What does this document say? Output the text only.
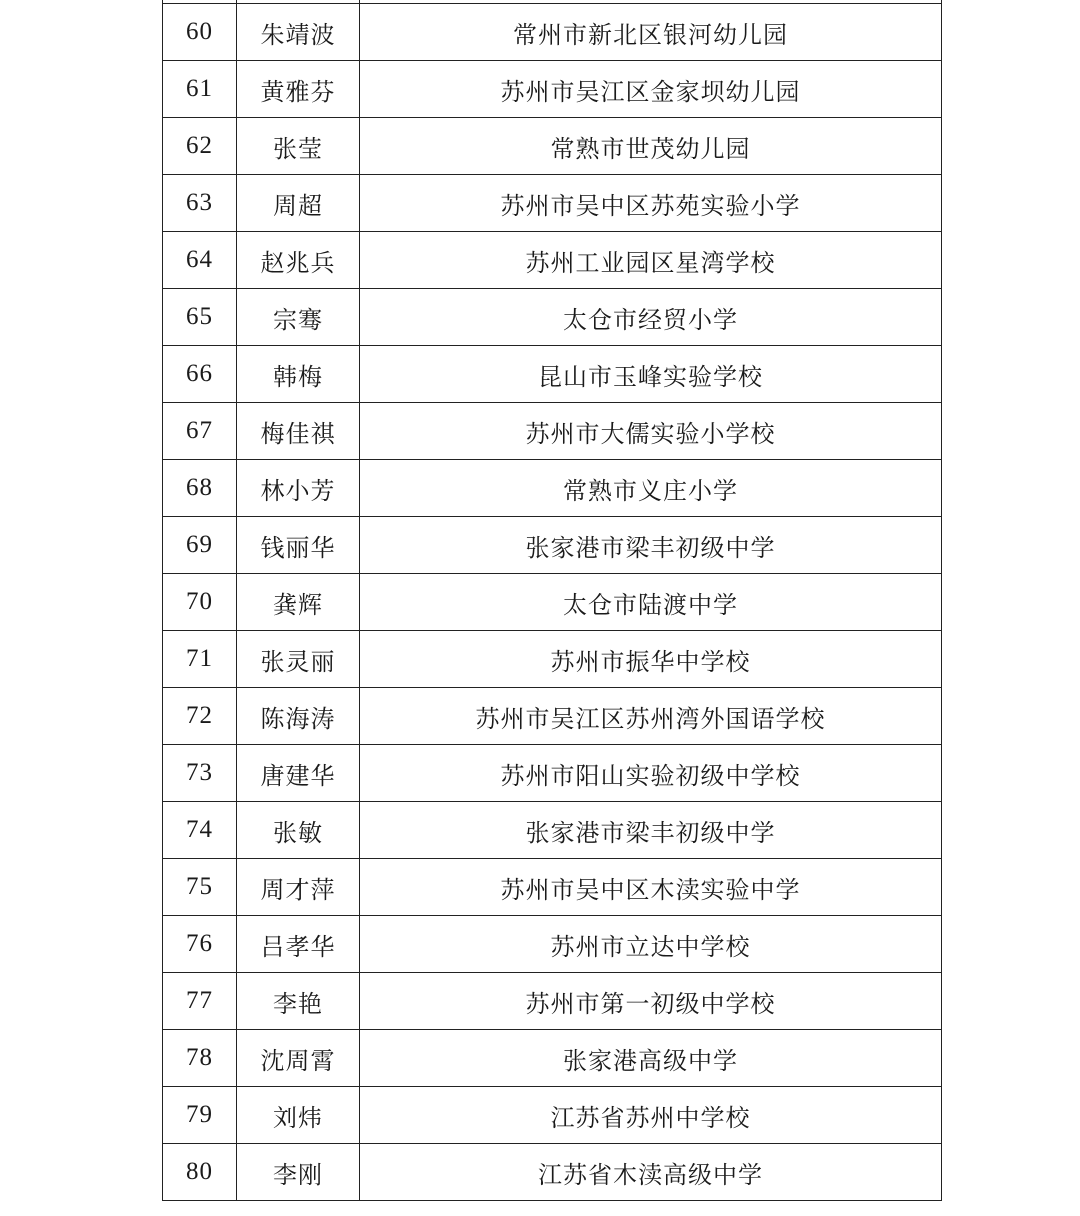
60	朱靖波	常州市新北区银河幼儿园
61	黄雅芬	苏州市吴江区金家坝幼儿园
62	张莹	常熟市世茂幼儿园
63	周超	苏州市吴中区苏苑实验小学
64	赵兆兵	苏州工业园区星湾学校
65	宗骞	太仓市经贸小学
66	韩梅	昆山市玉峰实验学校
67	梅佳祺	苏州市大儒实验小学校
68	林小芳	常熟市义庄小学
69	钱丽华	张家港市梁丰初级中学
70	龚辉	太仓市陆渡中学
71	张灵丽	苏州市振华中学校
72	陈海涛	苏州市吴江区苏州湾外国语学校
73	唐建华	苏州市阳山实验初级中学校
74	张敏	张家港市梁丰初级中学
75	周才萍	苏州市吴中区木渎实验中学
76	吕孝华	苏州市立达中学校
77	李艳	苏州市第一初级中学校
78	沈周霄	张家港高级中学
79	刘炜	江苏省苏州中学校
80	李刚	江苏省木渎高级中学
